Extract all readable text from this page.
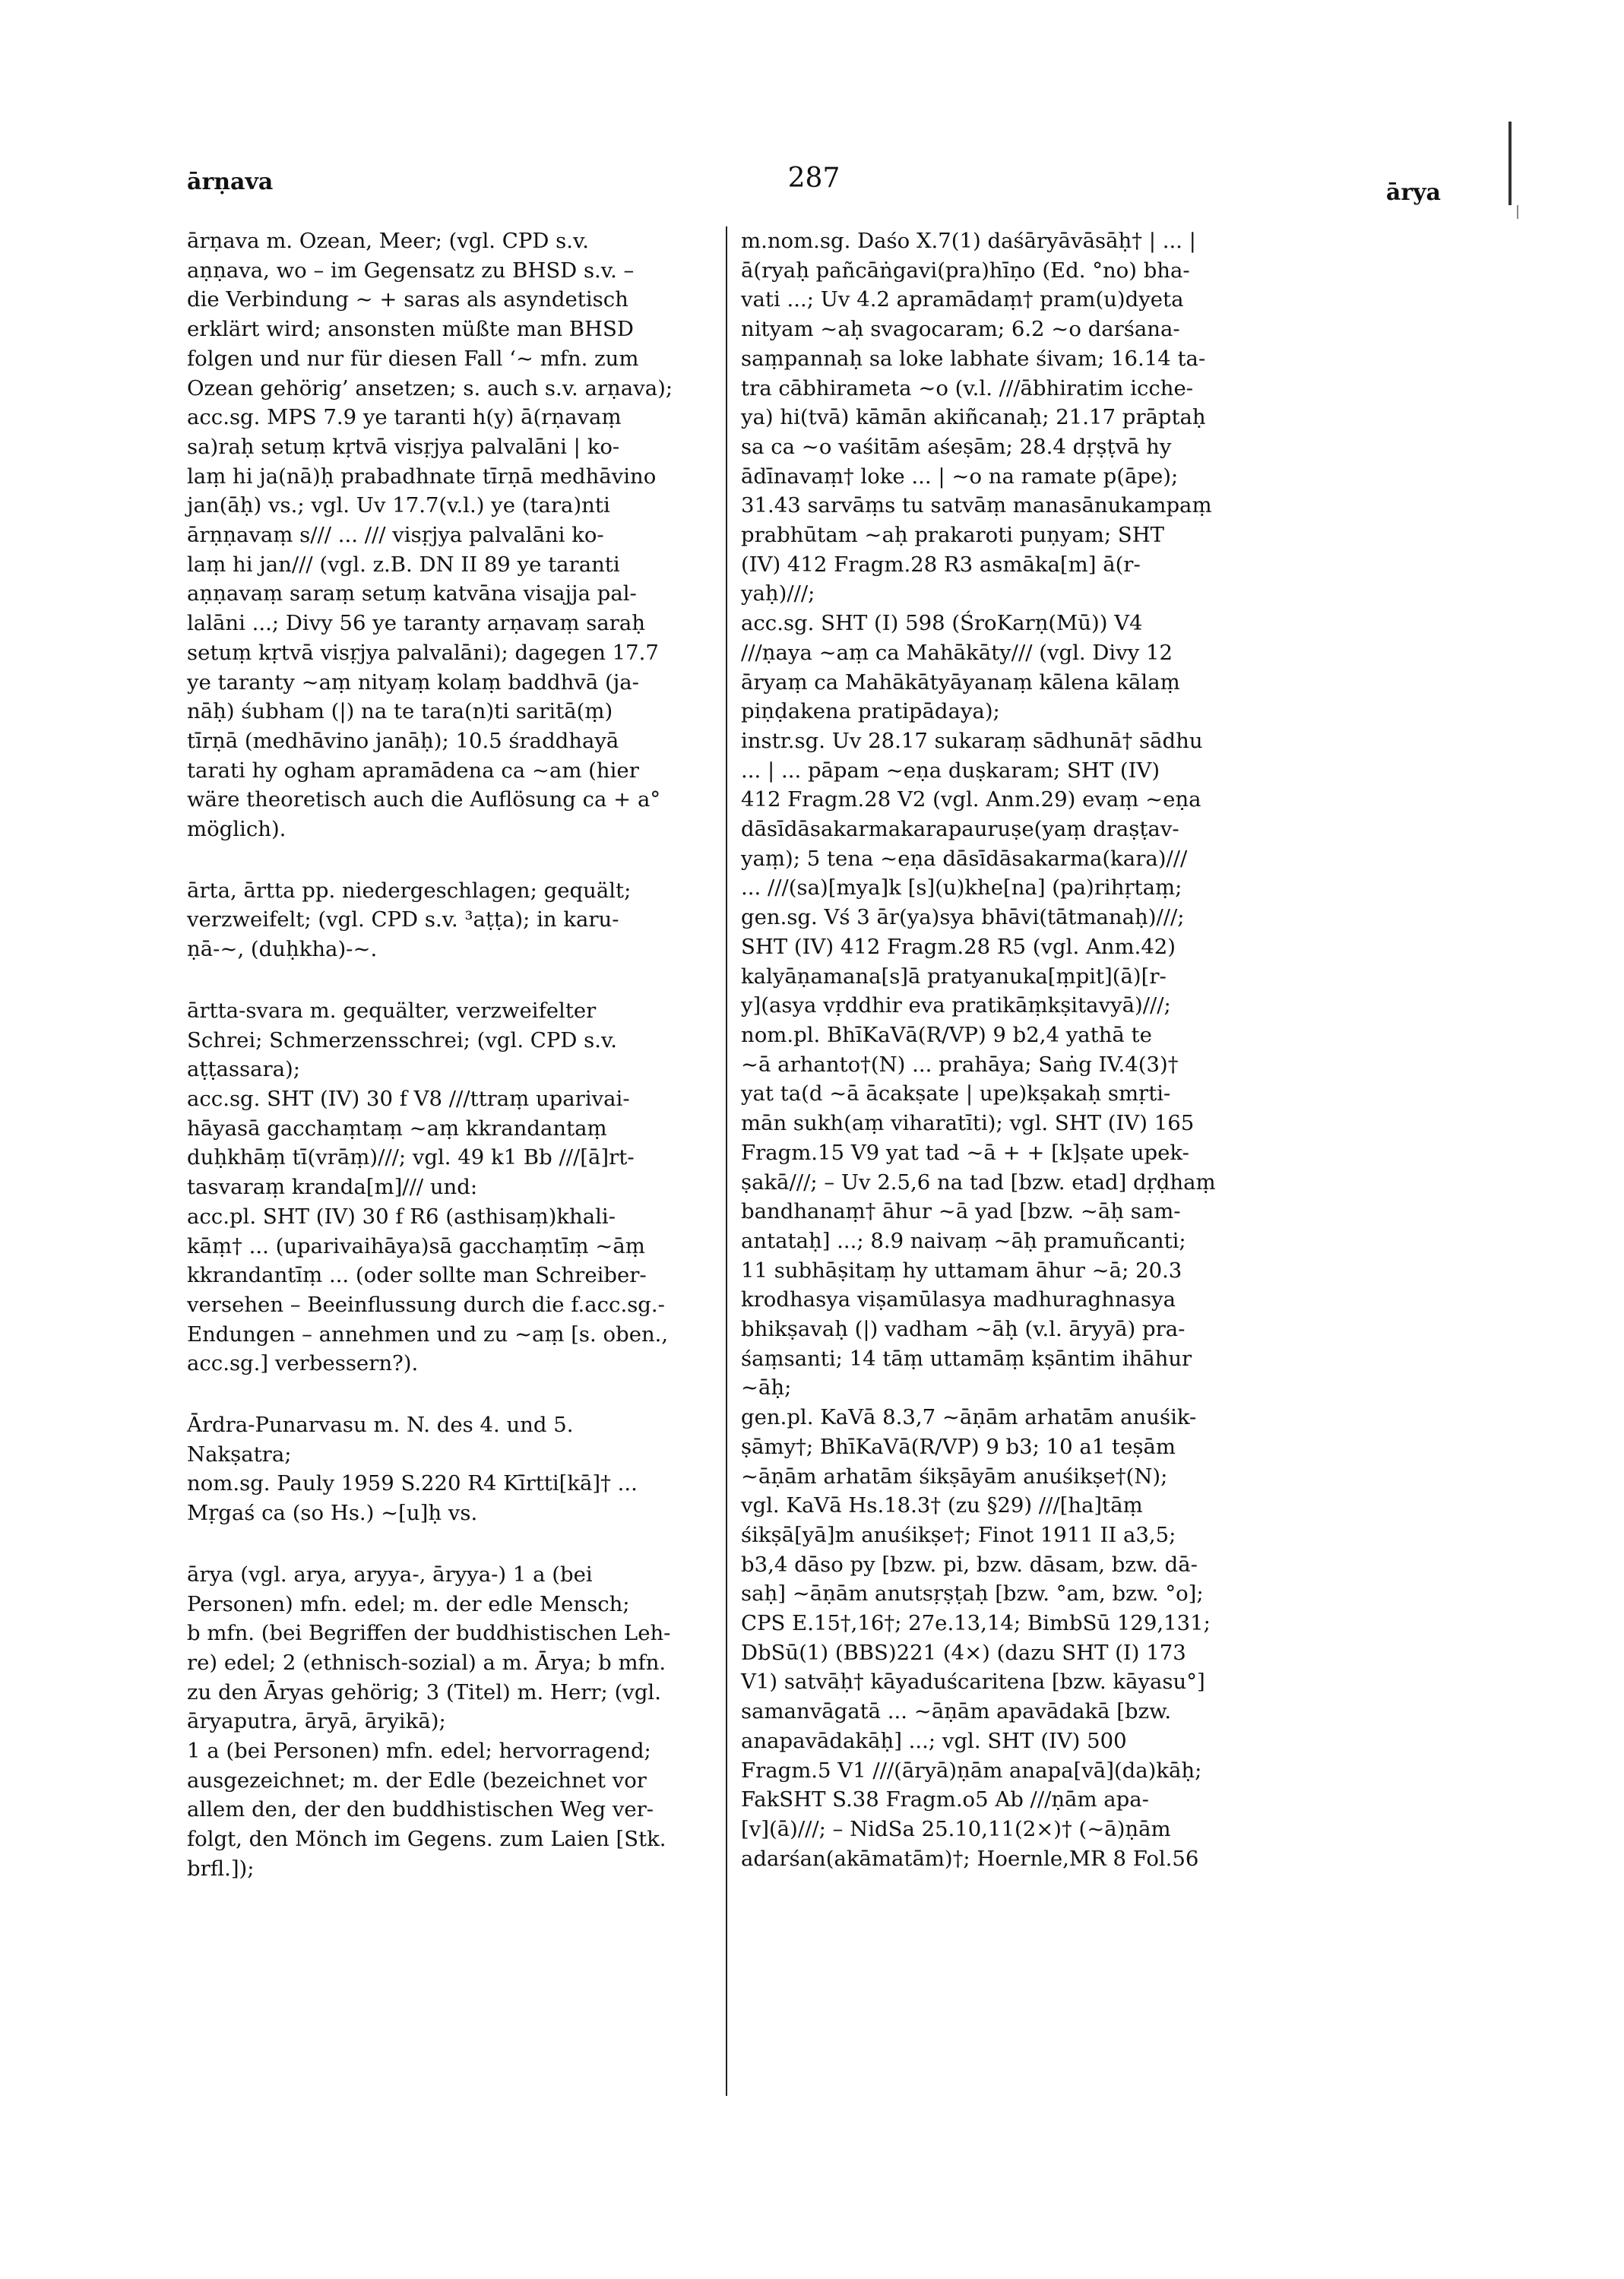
ārṇava	287	ārya
ārṇava m. Ozean, Meer; (vgl. CPD s.v.
aṇṇava, wo – im Gegensatz zu BHSD s.v. –
die Verbindung ~ + saras als asyndetisch
erklärt wird; ansonsten müßte man BHSD
folgen und nur für diesen Fall ‘~ mfn. zum
Ozean gehörig’ ansetzen; s. auch s.v. arṇava);
acc.sg. MPS 7.9 ye taranti h(y) ā(rṇavaṃ
sa)raḥ setuṃ kṛtvā visṛjya palvalāni | ko-
laṃ hi ja(nā)ḥ prabadhnate tīrṇā medhāvino
jan(āḥ) vs.; vgl. Uv 17.7(v.l.) ye (tara)nti
ārṇṇavaṃ s/// ... /// visṛjya palvalāni ko-
laṃ hi jan/// (vgl. z.B. DN II 89 ye taranti
aṇṇavaṃ saraṃ setuṃ katvāna visajja pal-
lalāni ...; Divy 56 ye taranty arṇavaṃ saraḥ
setuṃ kṛtvā visṛjya palvalāni); dagegen 17.7
ye taranty ~aṃ nityaṃ kolaṃ baddhvā (ja-
nāḥ) śubham (|) na te tara(n)ti saritā(ṃ)
tīrṇā (medhāvino janāḥ); 10.5 śraddhayā
tarati hy ogham apramādena ca ~am (hier
wäre theoretisch auch die Auflösung ca + a°
möglich).
ārta, ārtta pp. niedergeschlagen; gequält;
verzweifelt; (vgl. CPD s.v. ³aṭṭa); in karu-
ṇā-~, (duḥkha)-~.
ārtta-svara m. gequälter, verzweifelter
Schrei; Schmerzensschrei; (vgl. CPD s.v.
aṭṭassara);
acc.sg. SHT (IV) 30 f V8 ///ttraṃ uparivai-
hāyasā gacchaṃtaṃ ~aṃ kkrandantaṃ
duḥkhāṃ tī(vrāṃ)///; vgl. 49 k1 Bb ///[ā]rt-
tasvaraṃ kranda[m]/// und:
acc.pl. SHT (IV) 30 f R6 (asthisaṃ)khali-
kāṃ† ... (uparivaihāya)sā gacchaṃtīṃ ~āṃ
kkrandantīṃ ... (oder sollte man Schreiber-
versehen – Beeinflussung durch die f.acc.sg.-
Endungen – annehmen und zu ~aṃ [s. oben.,
acc.sg.] verbessern?).
Ārdra-Punarvasu m. N. des 4. und 5.
Nakṣatra;
nom.sg. Pauly 1959 S.220 R4 Kīrtti[kā]† ...
Mṛgaś ca (so Hs.) ~[u]ḥ vs.
ārya (vgl. arya, aryya-, āryya-) 1 a (bei
Personen) mfn. edel; m. der edle Mensch;
b mfn. (bei Begriffen der buddhistischen Leh-
re) edel; 2 (ethnisch-sozial) a m. Ārya; b mfn.
zu den Āryas gehörig; 3 (Titel) m. Herr; (vgl.
āryaputra, āryā, āryikā);
1 a (bei Personen) mfn. edel; hervorragend;
ausgezeichnet; m. der Edle (bezeichnet vor
allem den, der den buddhistischen Weg ver-
folgt, den Mönch im Gegens. zum Laien [Stk.
brfl.]);
m.nom.sg. Daśo X.7(1) daśāryāvāsāḥ† | ... |
ā(ryaḥ pañcāṅgavi(pra)hīṇo (Ed. °no) bha-
vati ...; Uv 4.2 apramādaṃ† pram(u)dyeta
nityam ~aḥ svagocaram; 6.2 ~o darśana-
saṃpannaḥ sa loke labhate śivam; 16.14 ta-
tra cābhirameta ~o (v.l. ///ābhiratim icche-
ya) hi(tvā) kāmān akiñcanaḥ; 21.17 prāptaḥ
sa ca ~o vaśitām aśeṣām; 28.4 dṛṣṭvā hy
ādīnavaṃ† loke ... | ~o na ramate p(āpe);
31.43 sarvāṃs tu satvāṃ manasānukampaṃ
prabhūtam ~aḥ prakaroti puṇyam; SHT
(IV) 412 Fragm.28 R3 asmāka[m] ā(r-
yaḥ)///;
acc.sg. SHT (I) 598 (ŚroKarṇ(Mū)) V4
///ṇaya ~aṃ ca Mahākāty/// (vgl. Divy 12
āryaṃ ca Mahākātyāyanaṃ kālena kālaṃ
piṇḍakena pratipādaya);
instr.sg. Uv 28.17 sukaraṃ sādhunā† sādhu
... | ... pāpam ~eṇa duṣkaram; SHT (IV)
412 Fragm.28 V2 (vgl. Anm.29) evaṃ ~eṇa
dāsīdāsakarmakarapauruṣe(yaṃ draṣṭav-
yaṃ); 5 tena ~eṇa dāsīdāsakarma(kara)///
... ///(sa)[mya]k [s](u)khe[na] (pa)rihṛtaṃ;
gen.sg. Vś 3 ār(ya)sya bhāvi(tātmanaḥ)///;
SHT (IV) 412 Fragm.28 R5 (vgl. Anm.42)
kalyāṇamana[s]ā pratyanuka[ṃpit](ā)[r-
y](asya vṛddhir eva pratikāṃkṣitavyā)///;
nom.pl. BhīKaVā(R/VP) 9 b2,4 yathā te
~ā arhanto†(N) ... prahāya; Saṅg IV.4(3)†
yat ta(d ~ā ācakṣate | upe)kṣakaḥ smṛti-
mān sukh(aṃ viharatīti); vgl. SHT (IV) 165
Fragm.15 V9 yat tad ~ā + + [k]ṣate upek-
ṣakā///; – Uv 2.5,6 na tad [bzw. etad] dṛḍhaṃ
bandhanaṃ† āhur ~ā yad [bzw. ~āḥ sam-
antataḥ] ...; 8.9 naivaṃ ~āḥ pramuñcanti;
11 subhāṣitaṃ hy uttamam āhur ~ā; 20.3
krodhasya viṣamūlasya madhuraghnasya
bhikṣavaḥ (|) vadham ~āḥ (v.l. āryyā) pra-
śaṃsanti; 14 tāṃ uttamāṃ kṣāntim ihāhur
~āḥ;
gen.pl. KaVā 8.3,7 ~āṇām arhatām anuśik-
ṣāmy†; BhīKaVā(R/VP) 9 b3; 10 a1 teṣām
~āṇām arhatām śikṣāyām anuśikṣe†(N);
vgl. KaVā Hs.18.3† (zu §29) ///[ha]tāṃ
śikṣā[yā]m anuśikṣe†; Finot 1911 II a3,5;
b3,4 dāso py [bzw. pi, bzw. dāsam, bzw. dā-
saḥ] ~āṇām anutsṛṣṭaḥ [bzw. °am, bzw. °o];
CPS E.15†,16†; 27e.13,14; BimbSū 129,131;
DbSū(1) (BBS)221 (4×) (dazu SHT (I) 173
V1) satvāḥ† kāyaduścaritena [bzw. kāyasu°]
samanvāgatā ... ~āṇām apavādakā [bzw.
anapavādakāḥ] ...; vgl. SHT (IV) 500
Fragm.5 V1 ///(āryā)ṇām anapa[vā](da)kāḥ;
FakSHT S.38 Fragm.o5 Ab ///ṇām apa-
[v](ā)///; – NidSa 25.10,11(2×)† (~ā)ṇām
adarśan(akāmatām)†; Hoernle,MR 8 Fol.56
